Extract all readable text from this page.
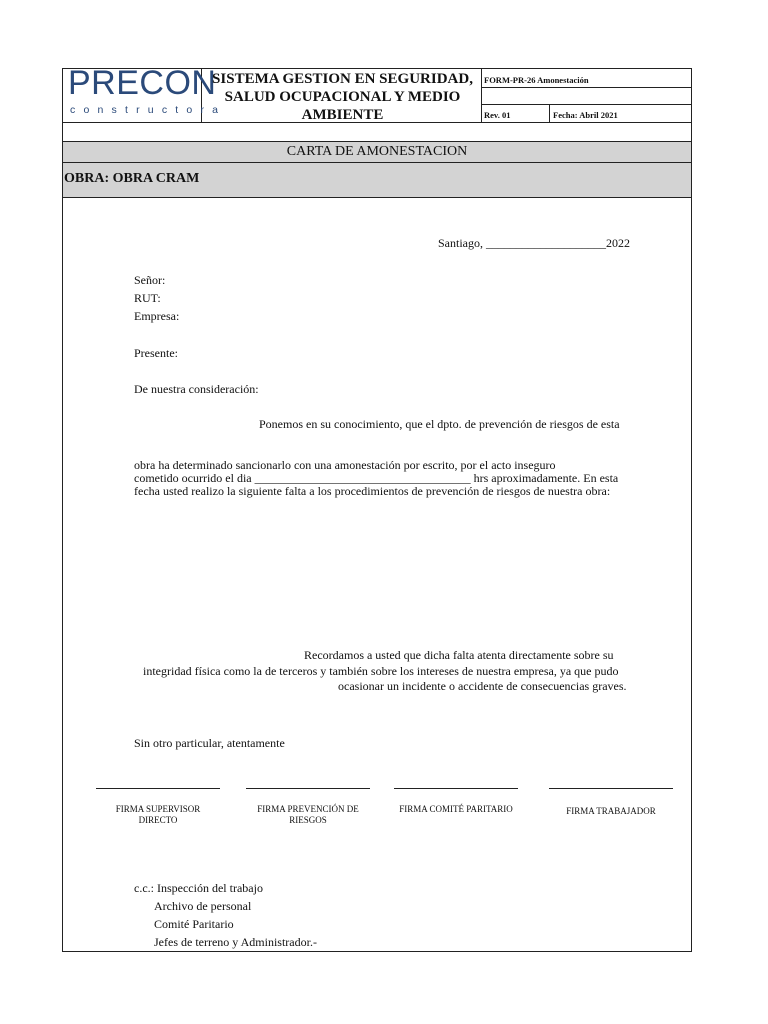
PRECON
constructora
SISTEMA GESTION EN SEGURIDAD, SALUD OCUPACIONAL Y MEDIO AMBIENTE
FORM-PR-26 Amonestación
Rev. 01	Fecha: Abril 2021
CARTA DE AMONESTACION
OBRA: OBRA CRAM
Santiago, ____________________2022
Señor:
RUT:
Empresa:
Presente:
De nuestra consideración:
Ponemos en su conocimiento, que el dpto. de prevención de riesgos de esta
obra ha determinado sancionarlo con una amonestación por escrito, por el acto inseguro
cometido ocurrido el dia ____________________________________ hrs aproximadamente. En esta
fecha usted realizo la siguiente falta a los procedimientos de prevención de riesgos de nuestra obra:
Recordamos a usted que dicha falta atenta directamente sobre su
integridad física como la de terceros y también sobre los intereses de nuestra empresa, ya que pudo
ocasionar un incidente o accidente de consecuencias graves.
Sin otro particular, atentamente
FIRMA SUPERVISOR
DIRECTO
FIRMA PREVENCIÓN DE
RIESGOS
FIRMA COMITÉ PARITARIO	FIRMA TRABAJADOR
c.c.: Inspección del trabajo
Archivo de personal
Comité Paritario
Jefes de terreno y Administrador.-
